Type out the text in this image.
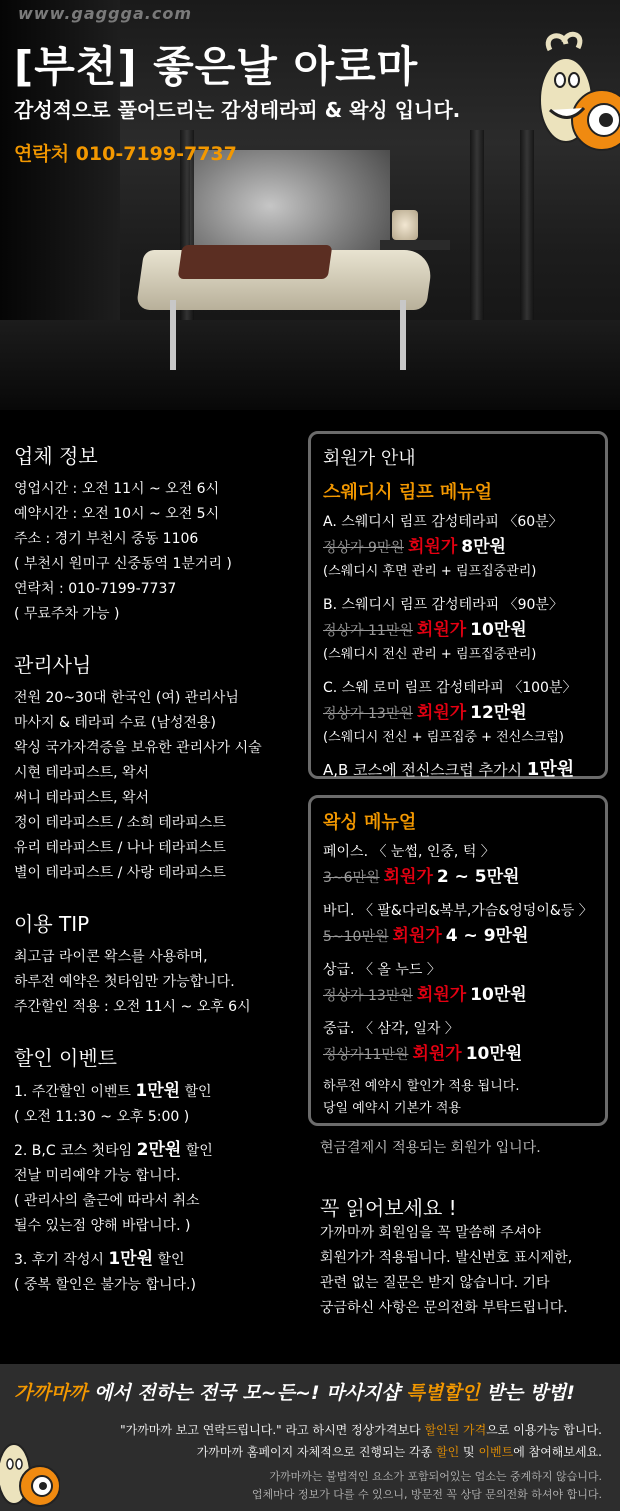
www.gaggga.com
[부천] 좋은날 아로마
감성적으로 풀어드리는 감성테라피 & 왁싱 입니다.
연락처 010-7199-7737
업체 정보

영업시간 : 오전 11시 ~ 오전 6시

예약시간 : 오전 10시 ~ 오전 5시

주소 : 경기 부천시 중동 1106

( 부천시 원미구 신중동역 1분거리 )

연락처 : 010-7199-7737

( 무료주차 가능 )

관리사님

전원 20~30대 한국인 (여) 관리사님

마사지 & 테라피 수료 (남성전용)

왁싱 국가자격증을 보유한 관리사가 시술

시현 테라피스트, 왁서

써니 테라피스트, 왁서

정이 테라피스트 / 소희 테라피스트

유리 테라피스트 / 나나 테라피스트

별이 테라피스트 / 사랑 테라피스트

이용 TIP

최고급 라이콘 왁스를 사용하며,

하루전 예약은 첫타임만 가능합니다.

주간할인 적용 : 오전 11시 ~ 오후 6시

할인 이벤트

1. 주간할인 이벤트 1만원 할인

( 오전 11:30 ~ 오후 5:00 )

2. B,C 코스 첫타임 2만원 할인

전날 미리예약 가능 합니다.

( 관리사의 출근에 따라서 취소

될수 있는점 양해 바랍니다. )

3. 후기 작성시 1만원 할인

( 중복 할인은 불가능 합니다.)

회원가 안내
스웨디시 림프 메뉴얼
A. 스웨디시 림프 감성테라피 〈60분〉
정상가 9만원 회원가 8만원
(스웨디시 후면 관리 + 림프집중관리)
B. 스웨디시 림프 감성테라피 〈90분〉
정상가 11만원 회원가 10만원
(스웨디시 전신 관리 + 림프집중관리)
C. 스웨 로미 림프 감성테라피 〈100분〉
정상가 13만원 회원가 12만원
(스웨디시 전신 + 림프집중 + 전신스크럽)
A,B 코스에 전신스크럽 추가시 1만원
왁싱 메뉴얼
페이스. 〈 눈썹, 인중, 턱 〉
3~6만원 회원가 2 ~ 5만원
바디. 〈 팔&다리&복부,가슴&엉덩이&등 〉
5~10만원 회원가 4 ~ 9만원
상급. 〈 올 누드 〉
정상가 13만원 회원가 10만원
중급. 〈 삼각, 일자 〉
정상가11만원 회원가 10만원
하루전 예약시 할인가 적용 됩니다.
당일 예약시 기본가 적용
현금결제시 적용되는 회원가 입니다.
꼭 읽어보세요 !
가까마까 회원임을 꼭 말씀해 주셔야
회원가가 적용됩니다. 발신번호 표시제한,
관련 없는 질문은 받지 않습니다. 기타
궁금하신 사항은 문의전화 부탁드립니다.
가까마까 에서 전하는 전국 모~든~! 마사지샵 특별할인 받는 방법!
"가까마까 보고 연락드립니다." 라고 하시면 정상가격보다 할인된 가격으로 이용가능 합니다.
가까마까 홈페이지 자체적으로 진행되는 각종 할인 및 이벤트에 참여해보세요.
가까마까는 불법적인 요소가 포함되어있는 업소는 중계하지 않습니다.
업체마다 정보가 다를 수 있으니, 방문전 꼭 상담 문의전화 하셔야 합니다.
